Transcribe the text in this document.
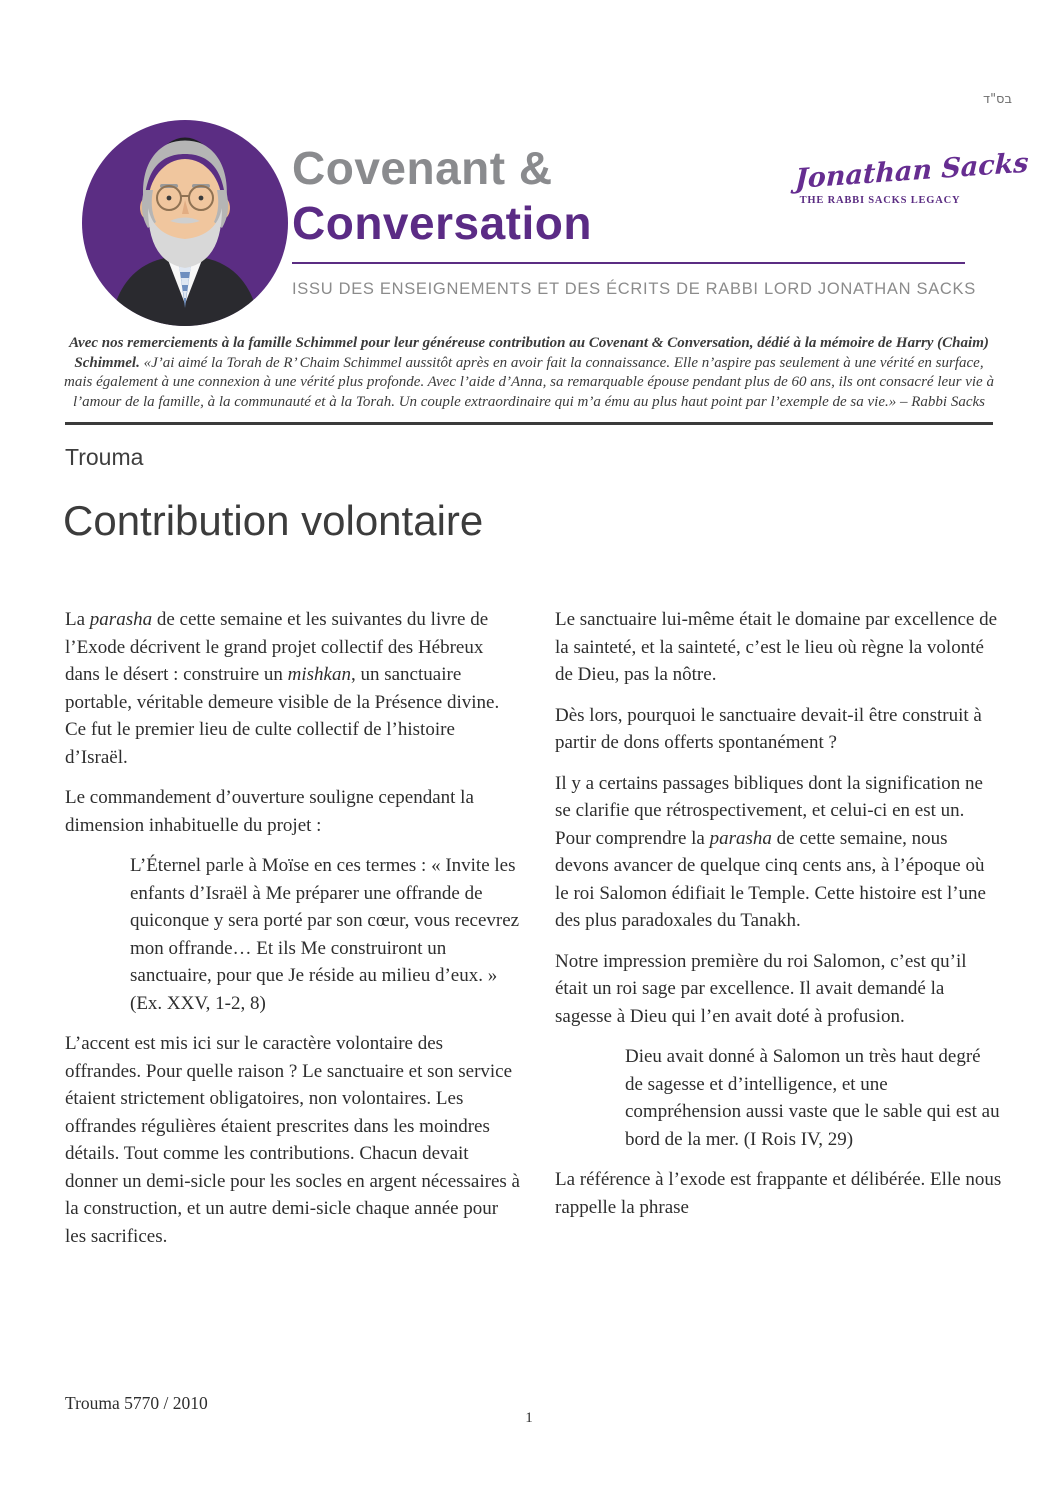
בס"ד
Covenant &
Conversation
ISSU DES ENSEIGNEMENTS ET DES ÉCRITS DE RABBI LORD JONATHAN SACKS
Jonathan Sacks
THE RABBI SACKS LEGACY
Avec nos remerciements à la famille Schimmel pour leur généreuse contribution au Covenant & Conversation, dédié à la mémoire de Harry (Chaim) Schimmel. «J’ai aimé la Torah de R’ Chaim Schimmel aussitôt après en avoir fait la connaissance. Elle n’aspire pas seulement à une vérité en surface, mais également à une connexion à une vérité plus profonde. Avec l’aide d’Anna, sa remarquable épouse pendant plus de 60 ans, ils ont consacré leur vie à l’amour de la famille, à la communauté et à la Torah. Un couple extraordinaire qui m’a ému au plus haut point par l’exemple de sa vie.» – Rabbi Sacks
Trouma
Contribution volontaire
La parasha de cette semaine et les suivantes du livre de l’Exode décrivent le grand projet collectif des Hébreux dans le désert : construire un mishkan, un sanctuaire portable, véritable demeure visible de la Présence divine. Ce fut le premier lieu de culte collectif de l’histoire d’Israël.
Le commandement d’ouverture souligne cependant la dimension inhabituelle du projet :
L’Éternel parle à Moïse en ces termes : « Invite les enfants d’Israël à Me préparer une offrande de quiconque y sera porté par son cœur, vous recevrez mon offrande… Et ils Me construiront un sanctuaire, pour que Je réside au milieu d’eux. » (Ex. XXV, 1-2, 8)
L’accent est mis ici sur le caractère volontaire des offrandes. Pour quelle raison ? Le sanctuaire et son service étaient strictement obligatoires, non volontaires. Les offrandes régulières étaient prescrites dans les moindres détails. Tout comme les contributions. Chacun devait donner un demi-sicle pour les socles en argent nécessaires à la construction, et un autre demi-sicle chaque année pour les sacrifices.
Le sanctuaire lui-même était le domaine par excellence de la sainteté, et la sainteté, c’est le lieu où règne la volonté de Dieu, pas la nôtre.
Dès lors, pourquoi le sanctuaire devait-il être construit à partir de dons offerts spontanément ?
Il y a certains passages bibliques dont la signification ne se clarifie que rétrospectivement, et celui-ci en est un. Pour comprendre la parasha de cette semaine, nous devons avancer de quelque cinq cents ans, à l’époque où le roi Salomon édifiait le Temple. Cette histoire est l’une des plus paradoxales du Tanakh.
Notre impression première du roi Salomon, c’est qu’il était un roi sage par excellence. Il avait demandé la sagesse à Dieu qui l’en avait doté à profusion.
Dieu avait donné à Salomon un très haut degré de sagesse et d’intelligence, et une compréhension aussi vaste que le sable qui est au bord de la mer. (I Rois IV, 29)
La référence à l’exode est frappante et délibérée. Elle nous rappelle la phrase
Trouma 5770 / 2010
1
